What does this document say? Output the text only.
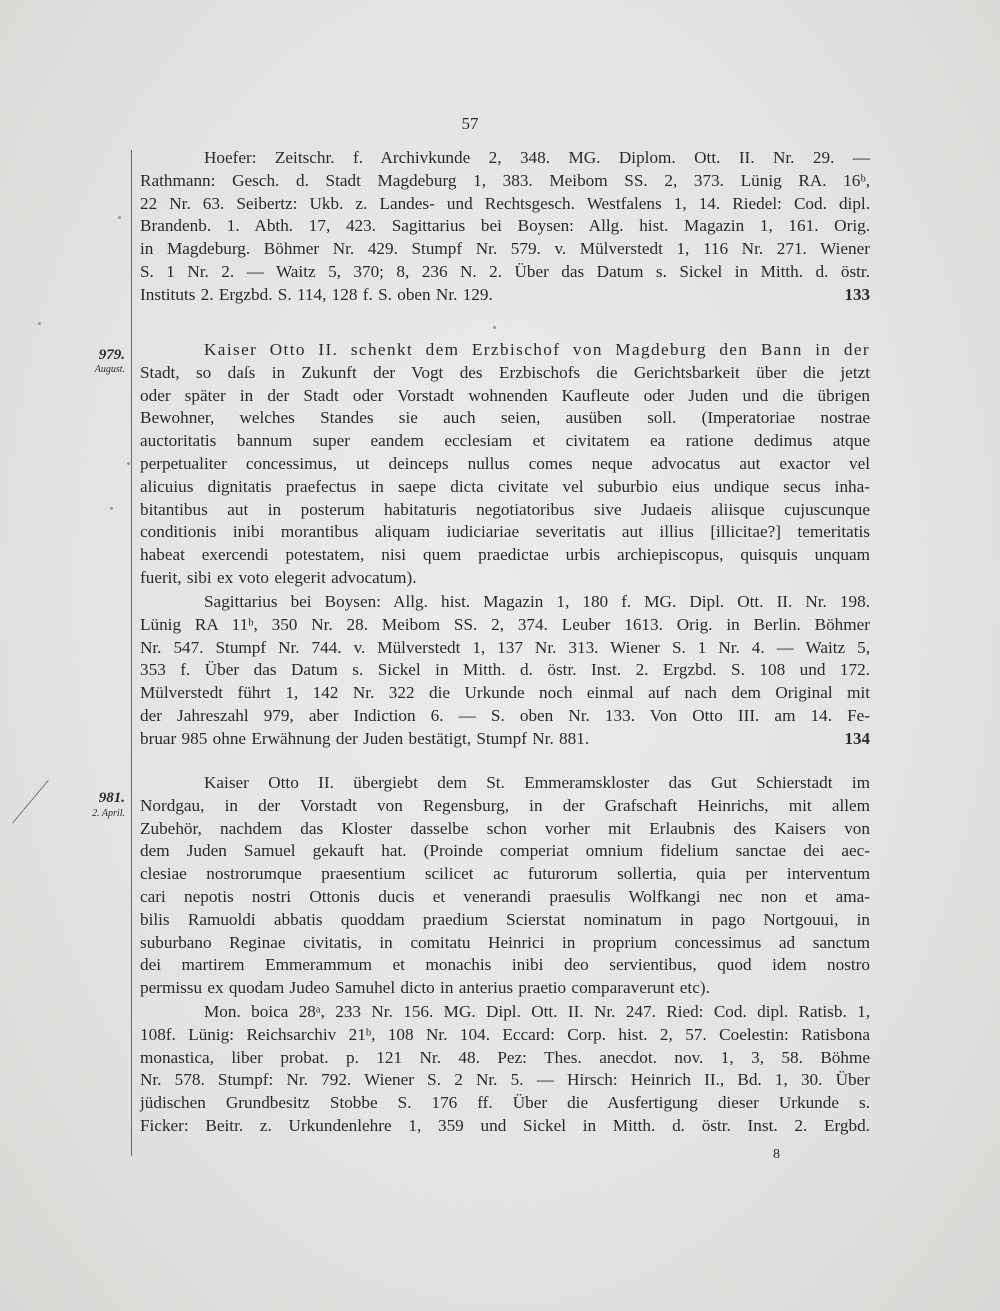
57
979.
August.
981.
2. April.
Hoefer: Zeitschr. f. Archivkunde 2, 348. MG. Diplom. Ott. II. Nr. 29. —
Rathmann: Gesch. d. Stadt Magdeburg 1, 383. Meibom SS. 2, 373. Lünig RA. 16ᵇ,
22 Nr. 63. Seibertz: Ukb. z. Landes- und Rechtsgesch. Westfalens 1, 14. Riedel: Cod. dipl.
Brandenb. 1. Abth. 17, 423. Sagittarius bei Boysen: Allg. hist. Magazin 1, 161. Orig.
in Magdeburg. Böhmer Nr. 429. Stumpf Nr. 579. v. Mülverstedt 1, 116 Nr. 271. Wiener
S. 1 Nr. 2. — Waitz 5, 370; 8, 236 N. 2. Über das Datum s. Sickel in Mitth. d. östr.
Instituts 2. Ergzbd. S. 114, 128 f. S. oben Nr. 129.	133
Kaiser Otto II. schenkt dem Erzbischof von Magdeburg den Bann in der
Stadt, so daſs in Zukunft der Vogt des Erzbischofs die Gerichtsbarkeit über die jetzt
oder später in der Stadt oder Vorstadt wohnenden Kaufleute oder Juden und die übrigen
Bewohner, welches Standes sie auch seien, ausüben soll. (Imperatoriae nostrae
auctoritatis bannum super eandem ecclesiam et civitatem ea ratione dedimus atque
perpetualiter concessimus, ut deinceps nullus comes neque advocatus aut exactor vel
alicuius dignitatis praefectus in saepe dicta civitate vel suburbio eius undique secus inha-
bitantibus aut in posterum habitaturis negotiatoribus sive Judaeis aliisque cujuscunque
conditionis inibi morantibus aliquam iudiciariae severitatis aut illius [illicitae?] temeritatis
habeat exercendi potestatem, nisi quem praedictae urbis archiepiscopus, quisquis unquam
fuerit, sibi ex voto elegerit advocatum).
Sagittarius bei Boysen: Allg. hist. Magazin 1, 180 f. MG. Dipl. Ott. II. Nr. 198.
Lünig RA 11ᵇ, 350 Nr. 28. Meibom SS. 2, 374. Leuber 1613. Orig. in Berlin. Böhmer
Nr. 547. Stumpf Nr. 744. v. Mülverstedt 1, 137 Nr. 313. Wiener S. 1 Nr. 4. — Waitz 5,
353 f. Über das Datum s. Sickel in Mitth. d. östr. Inst. 2. Ergzbd. S. 108 und 172.
Mülverstedt führt 1, 142 Nr. 322 die Urkunde noch einmal auf nach dem Original mit
der Jahreszahl 979, aber Indiction 6. — S. oben Nr. 133. Von Otto III. am 14. Fe-
bruar 985 ohne Erwähnung der Juden bestätigt, Stumpf Nr. 881.	134
Kaiser Otto II. übergiebt dem St. Emmeramskloster das Gut Schierstadt im
Nordgau, in der Vorstadt von Regensburg, in der Grafschaft Heinrichs, mit allem
Zubehör, nachdem das Kloster dasselbe schon vorher mit Erlaubnis des Kaisers von
dem Juden Samuel gekauft hat. (Proinde comperiat omnium fidelium sanctae dei aec-
clesiae nostrorumque praesentium scilicet ac futurorum sollertia, quia per interventum
cari nepotis nostri Ottonis ducis et venerandi praesulis Wolfkangi nec non et ama-
bilis Ramuoldi abbatis quoddam praedium Scierstat nominatum in pago Nortgouui, in
suburbano Reginae civitatis, in comitatu Heinrici in proprium concessimus ad sanctum
dei martirem Emmerammum et monachis inibi deo servientibus, quod idem nostro
permissu ex quodam Judeo Samuhel dicto in anterius praetio comparaverunt etc).
Mon. boica 28ᵃ, 233 Nr. 156. MG. Dipl. Ott. II. Nr. 247. Ried: Cod. dipl. Ratisb. 1,
108f. Lünig: Reichsarchiv 21ᵇ, 108 Nr. 104. Eccard: Corp. hist. 2, 57. Coelestin: Ratisbona
monastica, liber probat. p. 121 Nr. 48. Pez: Thes. anecdot. nov. 1, 3, 58. Böhme
Nr. 578. Stumpf: Nr. 792. Wiener S. 2 Nr. 5. — Hirsch: Heinrich II., Bd. 1, 30. Über
jüdischen Grundbesitz Stobbe S. 176 ff. Über die Ausfertigung dieser Urkunde s.
Ficker: Beitr. z. Urkundenlehre 1, 359 und Sickel in Mitth. d. östr. Inst. 2. Ergbd.
8
